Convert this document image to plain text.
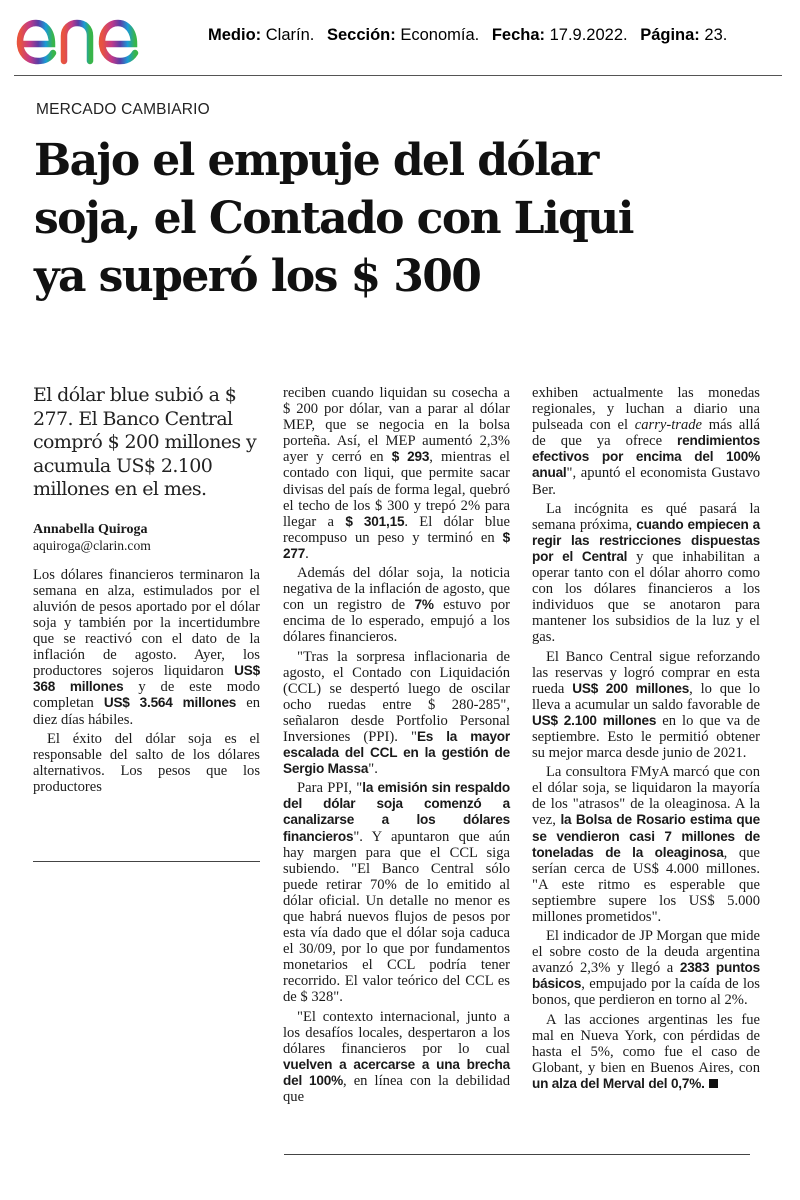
Medio: Clarín. Sección: Economía. Fecha: 17.9.2022. Página: 23.
MERCADO CAMBIARIO
Bajo el empuje del dólar
soja, el Contado con Liqui
ya superó los $ 300
El dólar blue subió a $ 277. El Banco Central compró $ 200 millones y acumula US$ 2.100 millones en el mes.
Annabella Quiroga
aquiroga@clarin.com

Los dólares financieros terminaron la semana en alza, estimulados por el aluvión de pesos aportado por el dólar soja y también por la incertidumbre que se reactivó con el dato de la inflación de agosto. Ayer, los productores sojeros liquidaron US$ 368 millones y de este modo completan US$ 3.564 millones en diez días hábiles.

El éxito del dólar soja es el responsable del salto de los dólares alternativos. Los pesos que los productores

reciben cuando liquidan su cosecha a $ 200 por dólar, van a parar al dólar MEP, que se negocia en la bolsa porteña. Así, el MEP aumentó 2,3% ayer y cerró en $ 293, mientras el contado con liqui, que permite sacar divisas del país de forma legal, quebró el techo de los $ 300 y trepó 2% para llegar a $ 301,15. El dólar blue recompuso un peso y terminó en $ 277.

Además del dólar soja, la noticia negativa de la inflación de agosto, que con un registro de 7% estuvo por encima de lo esperado, empujó a los dólares financieros.

"Tras la sorpresa inflacionaria de agosto, el Contado con Liquidación (CCL) se despertó luego de oscilar ocho ruedas entre $ 280-285", señalaron desde Portfolio Personal Inversiones (PPI). "Es la mayor escalada del CCL en la gestión de Sergio Massa".

Para PPI, "la emisión sin respaldo del dólar soja comenzó a canalizarse a los dólares financieros". Y apuntaron que aún hay margen para que el CCL siga subiendo. "El Banco Central sólo puede retirar 70% de lo emitido al dólar oficial. Un detalle no menor es que habrá nuevos flujos de pesos por esta vía dado que el dólar soja caduca el 30/09, por lo que por fundamentos monetarios el CCL podría tener recorrido. El valor teórico del CCL es de $ 328".

"El contexto internacional, junto a los desafíos locales, despertaron a los dólares financieros por lo cual vuelven a acercarse a una brecha del 100%, en línea con la debilidad que

exhiben actualmente las monedas regionales, y luchan a diario una pulseada con el carry-trade más allá de que ya ofrece rendimientos efectivos por encima del 100% anual", apuntó el economista Gustavo Ber.

La incógnita es qué pasará la semana próxima, cuando empiecen a regir las restricciones dispuestas por el Central y que inhabilitan a operar tanto con el dólar ahorro como con los dólares financieros a los individuos que se anotaron para mantener los subsidios de la luz y el gas.

El Banco Central sigue reforzando las reservas y logró comprar en esta rueda US$ 200 millones, lo que lo lleva a acumular un saldo favorable de US$ 2.100 millones en lo que va de septiembre. Esto le permitió obtener su mejor marca desde junio de 2021.

La consultora FMyA marcó que con el dólar soja, se liquidaron la mayoría de los "atrasos" de la oleaginosa. A la vez, la Bolsa de Rosario estima que se vendieron casi 7 millones de toneladas de la oleaginosa, que serían cerca de US$ 4.000 millones. "A este ritmo es esperable que septiembre supere los US$ 5.000 millones prometidos".

El indicador de JP Morgan que mide el sobre costo de la deuda argentina avanzó 2,3% y llegó a 2383 puntos básicos, empujado por la caída de los bonos, que perdieron en torno al 2%.

A las acciones argentinas les fue mal en Nueva York, con pérdidas de hasta el 5%, como fue el caso de Globant, y bien en Buenos Aires, con un alza del Merval del 0,7%.
